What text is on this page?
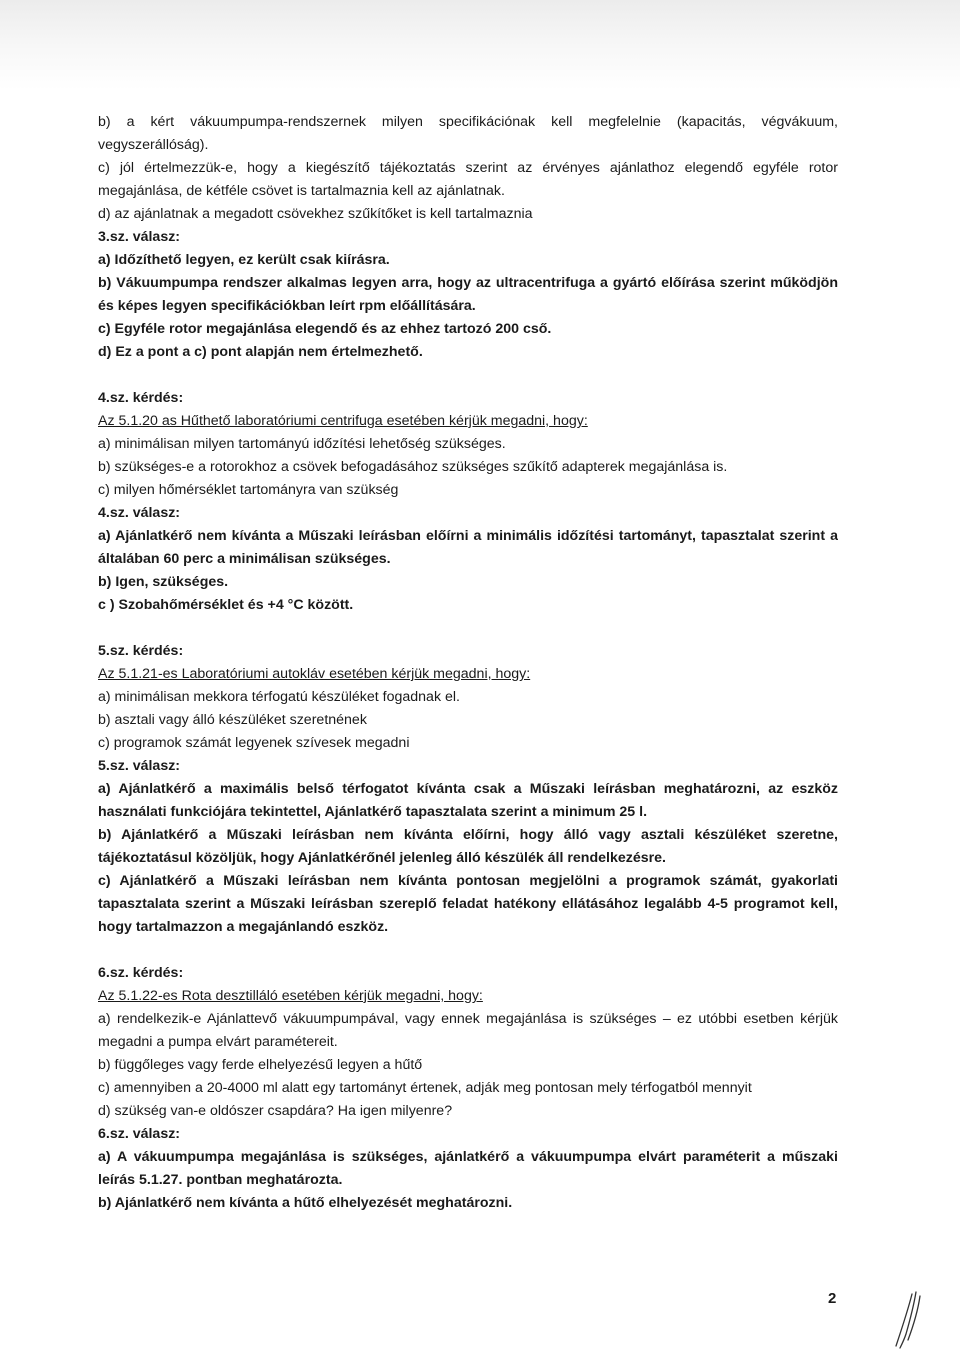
b) a kért vákuumpumpa-rendszernek milyen specifikációnak kell megfelelnie (kapacitás, végvákuum,
vegyszerállóság).
c) jól értelmezzük-e, hogy a kiegészítő tájékoztatás szerint az érvényes ajánlathoz elegendő egyféle rotor
megajánlása, de kétféle csövet is tartalmaznia kell az ajánlatnak.
d) az ajánlatnak a megadott csövekhez szűkítőket is kell tartalmaznia
3.sz. válasz:
a) Időzíthető legyen, ez került csak kiírásra.
b) Vákuumpumpa rendszer alkalmas legyen arra, hogy az ultracentrifuga a gyártó előírása szerint működjön
és képes legyen specifikációkban leírt rpm előállítására.
c) Egyféle rotor megajánlása elegendő és az ehhez tartozó 200 cső.
d) Ez a pont a c) pont alapján nem értelmezhető.
4.sz. kérdés:
Az 5.1.20 as Hűthető laboratóriumi centrifuga esetében kérjük megadni, hogy:
a) minimálisan milyen tartományú időzítési lehetőség szükséges.
b) szükséges-e a rotorokhoz a csövek befogadásához szükséges szűkítő adapterek megajánlása is.
c) milyen hőmérséklet tartományra van szükség
4.sz. válasz:
a) Ajánlatkérő nem kívánta a Műszaki leírásban előírni a minimális időzítési tartományt, tapasztalat szerint a
általában 60 perc a minimálisan szükséges.
b) Igen, szükséges.
c ) Szobahőmérséklet és +4 °C között.
5.sz. kérdés:
Az 5.1.21-es Laboratóriumi autokláv esetében kérjük megadni, hogy:
a) minimálisan mekkora térfogatú készüléket fogadnak el.
b) asztali vagy álló készüléket szeretnének
c) programok számát legyenek szívesek megadni
5.sz. válasz:
a) Ajánlatkérő a maximális belső térfogatot kívánta csak a Műszaki leírásban meghatározni, az eszköz
használati funkciójára tekintettel, Ajánlatkérő tapasztalata szerint a minimum 25 l.
b) Ajánlatkérő a Műszaki leírásban nem kívánta előírni, hogy álló vagy asztali készüléket szeretne,
tájékoztatásul közöljük, hogy Ajánlatkérőnél jelenleg álló készülék áll rendelkezésre.
c) Ajánlatkérő a Műszaki leírásban nem kívánta pontosan megjelölni a programok számát, gyakorlati
tapasztalata szerint a Műszaki leírásban szereplő feladat hatékony ellátásához legalább 4-5 programot kell,
hogy tartalmazzon a megajánlandó eszköz.
6.sz. kérdés:
Az 5.1.22-es Rota desztilláló esetében kérjük megadni, hogy:
a) rendelkezik-e Ajánlattevő vákuumpumpával, vagy ennek megajánlása is szükséges – ez utóbbi esetben kérjük
megadni a pumpa elvárt paramétereit.
b) függőleges vagy ferde elhelyezésű legyen a hűtő
c) amennyiben a 20-4000 ml alatt egy tartományt értenek, adják meg pontosan mely térfogatból mennyit
d) szükség van-e oldószer csapdára? Ha igen milyenre?
6.sz. válasz:
a) A vákuumpumpa megajánlása is szükséges, ajánlatkérő a vákuumpumpa elvárt paraméterit a műszaki
leírás 5.1.27. pontban meghatározta.
b) Ajánlatkérő nem kívánta a hűtő elhelyezését meghatározni.
2
